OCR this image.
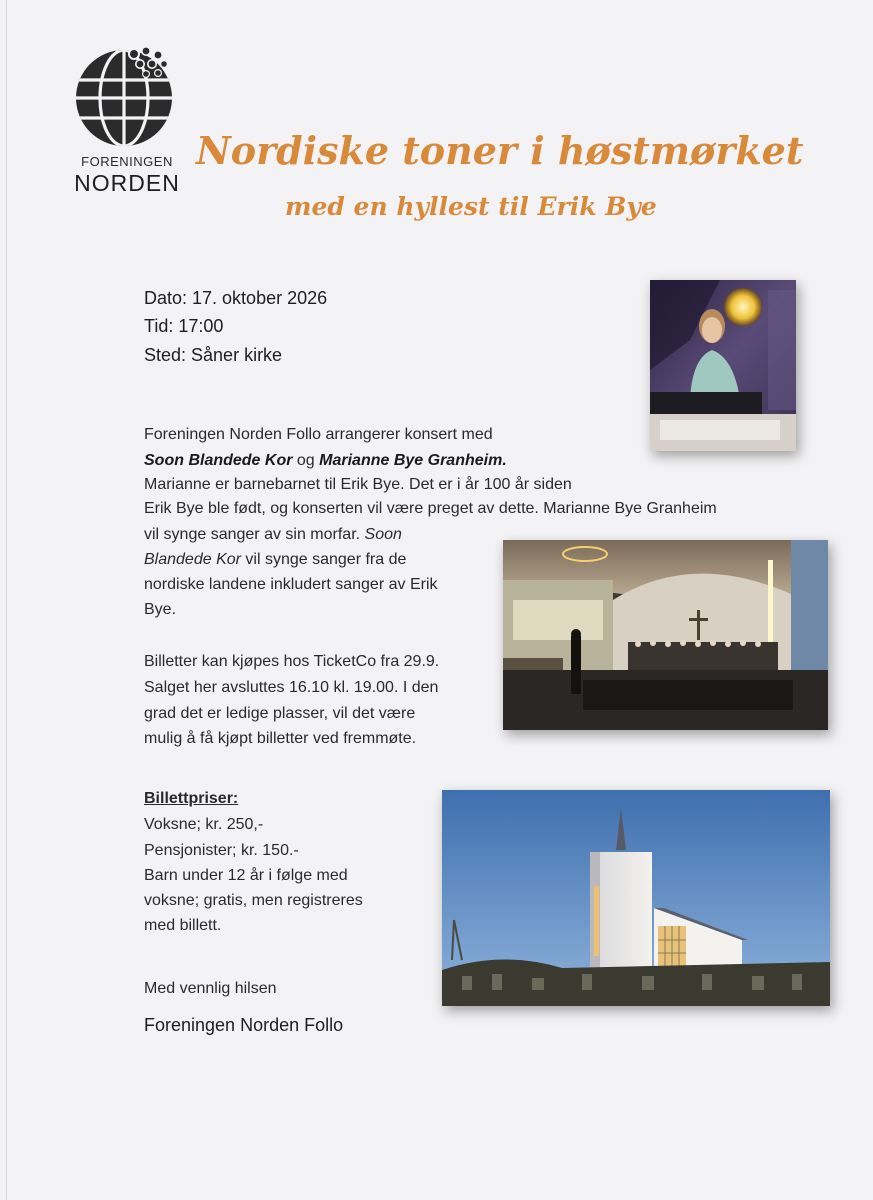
FORENINGEN
NORDEN
Nordiske toner i høstmørket
med en hyllest til Erik Bye
Dato: 17. oktober 2026
Tid: 17:00
Sted: Såner kirke
Foreningen Norden Follo arrangerer konsert med
Soon Blandede Kor og Marianne Bye Granheim.
Marianne er barnebarnet til Erik Bye. Det er i år 100 år siden
Erik Bye ble født, og konserten vil være preget av dette. Marianne Bye Granheim
vil synge sanger av sin morfar. Soon
Blandede Kor vil synge sanger fra de
nordiske landene inkludert sanger av Erik
Bye.
Billetter kan kjøpes hos TicketCo fra 29.9.
Salget her avsluttes 16.10 kl. 19.00. I den
grad det er ledige plasser, vil det være
mulig å få kjøpt billetter ved fremmøte.
Billettpriser:
Voksne; kr. 250,-
Pensjonister; kr. 150.-
Barn under 12 år i følge med
voksne; gratis, men registreres
med billett.
Med vennlig hilsen
Foreningen Norden Follo
